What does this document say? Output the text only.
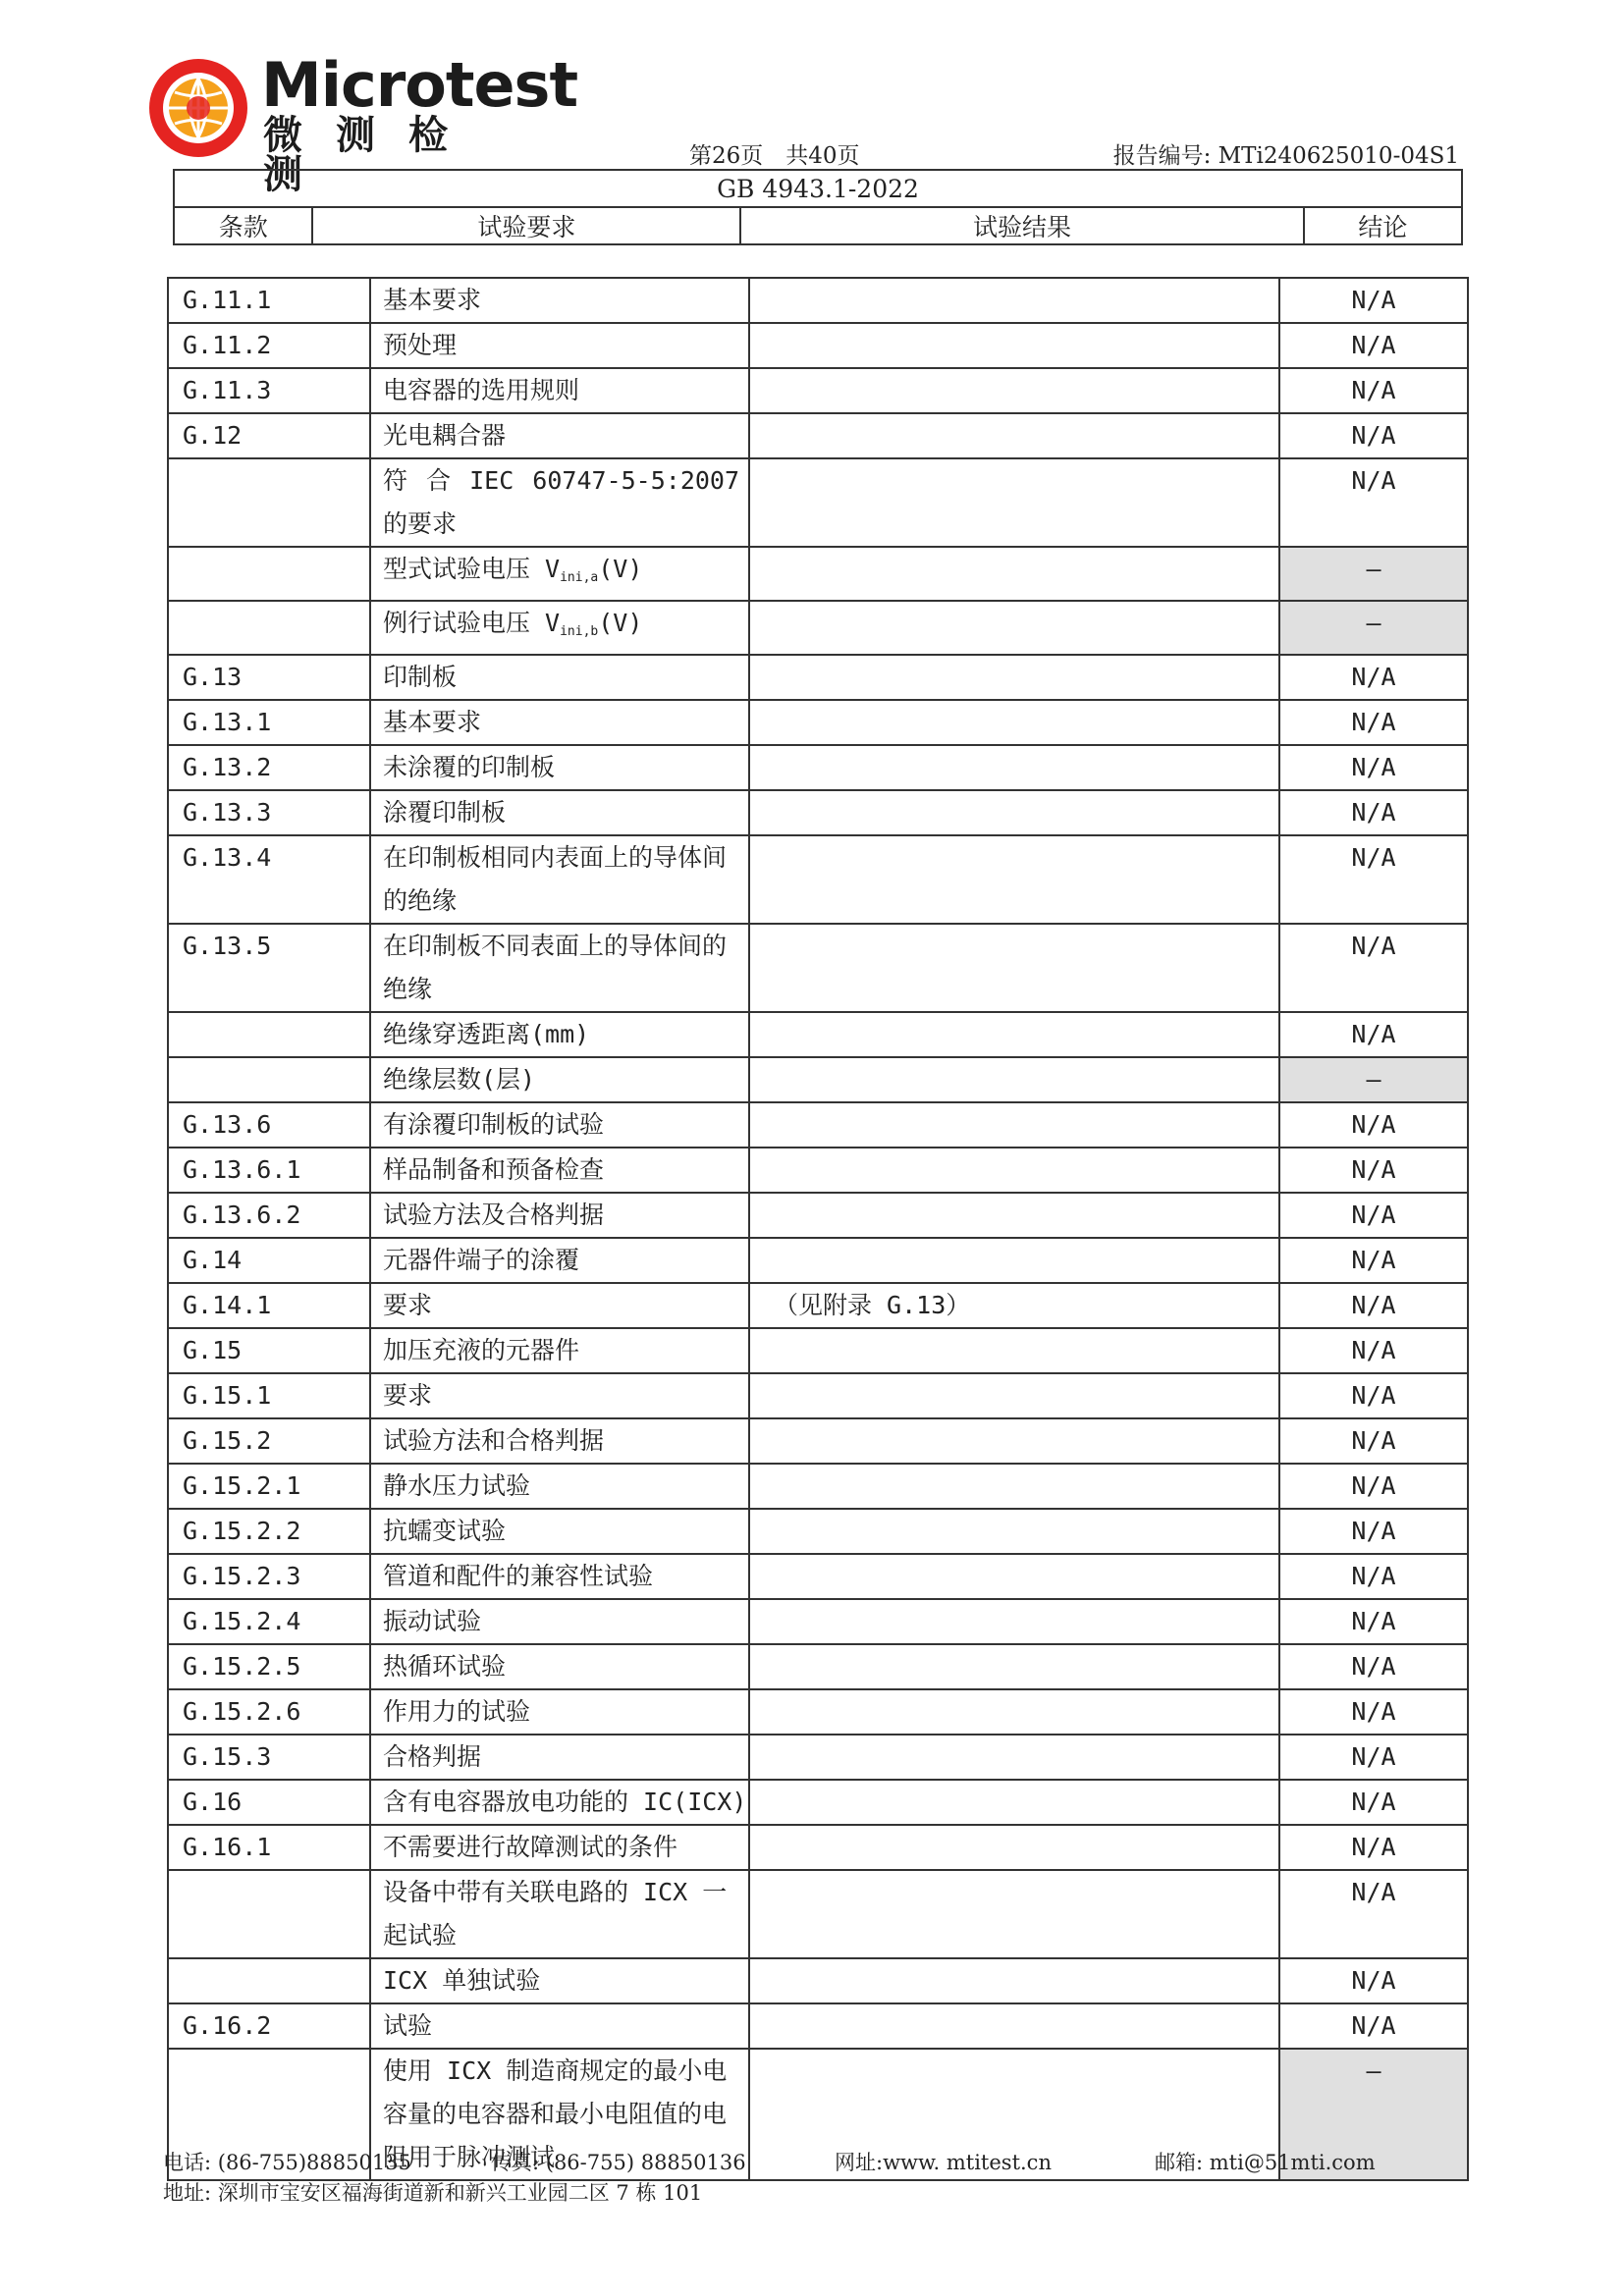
Microtest
微测检测	第26页　共40页	报告编号: MTi240625010-04S1
GB 4943.1-2022
条款	试验要求	试验结果	结论
G.11.1	基本要求		N/A
G.11.2	预处理		N/A
G.11.3	电容器的选用规则		N/A
G.12	光电耦合器		N/A
	符 合 IEC 60747-5-5:2007 的要求		N/A
	型式试验电压 $V_{ini,a}(V)$		—
	例行试验电压 $V_{ini,b}(V)$		—
G.13	印制板		N/A
G.13.1	基本要求		N/A
G.13.2	未涂覆的印制板		N/A
G.13.3	涂覆印制板		N/A
G.13.4	在印制板相同内表面上的导体间的绝缘		N/A
G.13.5	在印制板不同表面上的导体间的绝缘		N/A
	绝缘穿透距离(mm)		N/A
	绝缘层数(层)		—
G.13.6	有涂覆印制板的试验		N/A
G.13.6.1	样品制备和预备检查		N/A
G.13.6.2	试验方法及合格判据		N/A
G.14	元器件端子的涂覆		N/A
G.14.1	要求	（见附录 G.13）	N/A
G.15	加压充液的元器件		N/A
G.15.1	要求		N/A
G.15.2	试验方法和合格判据		N/A
G.15.2.1	静水压力试验		N/A
G.15.2.2	抗蠕变试验		N/A
G.15.2.3	管道和配件的兼容性试验		N/A
G.15.2.4	振动试验		N/A
G.15.2.5	热循环试验		N/A
G.15.2.6	作用力的试验		N/A
G.15.3	合格判据		N/A
G.16	含有电容器放电功能的 IC(ICX)		N/A
G.16.1	不需要进行故障测试的条件		N/A
	设备中带有关联电路的 ICX 一起试验		N/A
	ICX 单独试验		N/A
G.16.2	试验		N/A
	使用 ICX 制造商规定的最小电容量的电容器和最小电阻值的电阻用于脉冲测试		—
电话: (86-755)88850135	传真: (86-755) 88850136	网址:www. mtitest.cn	邮箱: mti@51mti.com
地址: 深圳市宝安区福海街道新和新兴工业园二区 7 栋 101
